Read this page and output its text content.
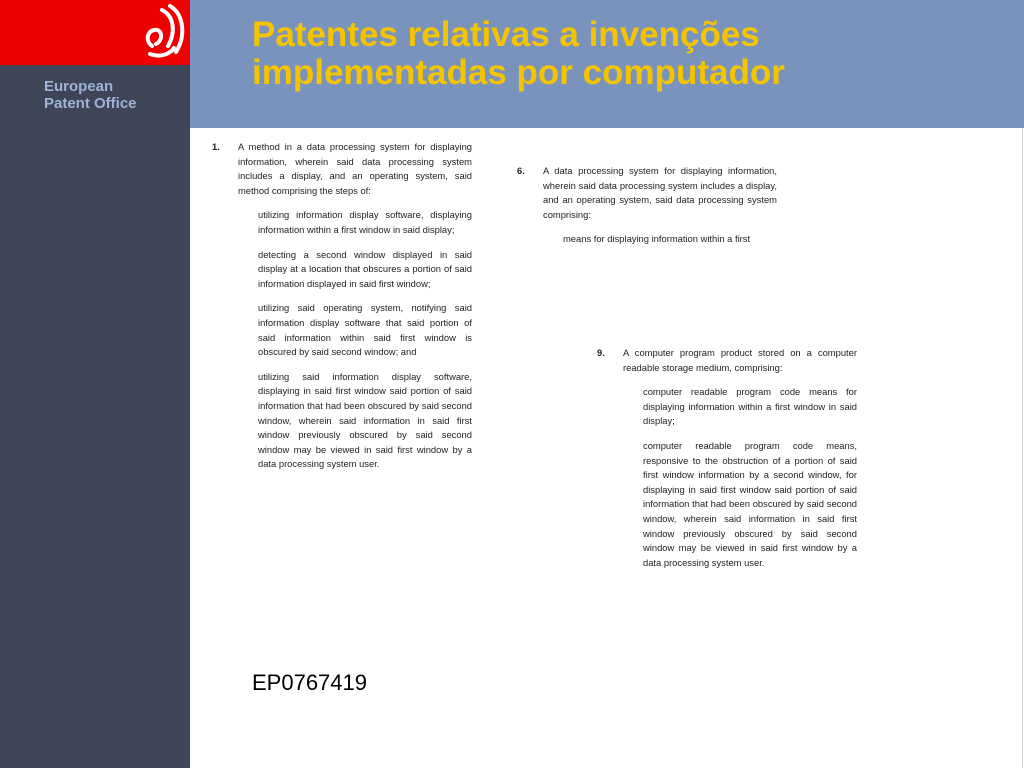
European
Patent Office
Patentes relativas a invenções
implementadas por computador
1. A method in a data processing system for displaying information, wherein said data processing system includes a display, and an operating system, said method comprising the steps of:

utilizing information display software, displaying information within a first window in said display;

detecting a second window displayed in said display at a location that obscures a portion of said information displayed in said first window;

utilizing said operating system, notifying said information display software that said portion of said information within said first window is obscured by said second window; and

utilizing said information display software, displaying in said first window said portion of said information that had been obscured by said second window, wherein said information in said first window previously obscured by said second window may be viewed in said first window by a data processing system user.

6. A data processing system for displaying information, wherein said data processing system includes a display, and an operating system, said data processing system comprising:

means for displaying information within a first

9. A computer program product stored on a computer readable storage medium, comprising:

computer readable program code means for displaying information within a first window in said display;

computer readable program code means, responsive to the obstruction of a portion of said first window information by a second window, for displaying in said first window said portion of said information that had been obscured by said second window, wherein said information in said first window previously obscured by said second window may be viewed in said first window by a data processing system user.

EP0767419
